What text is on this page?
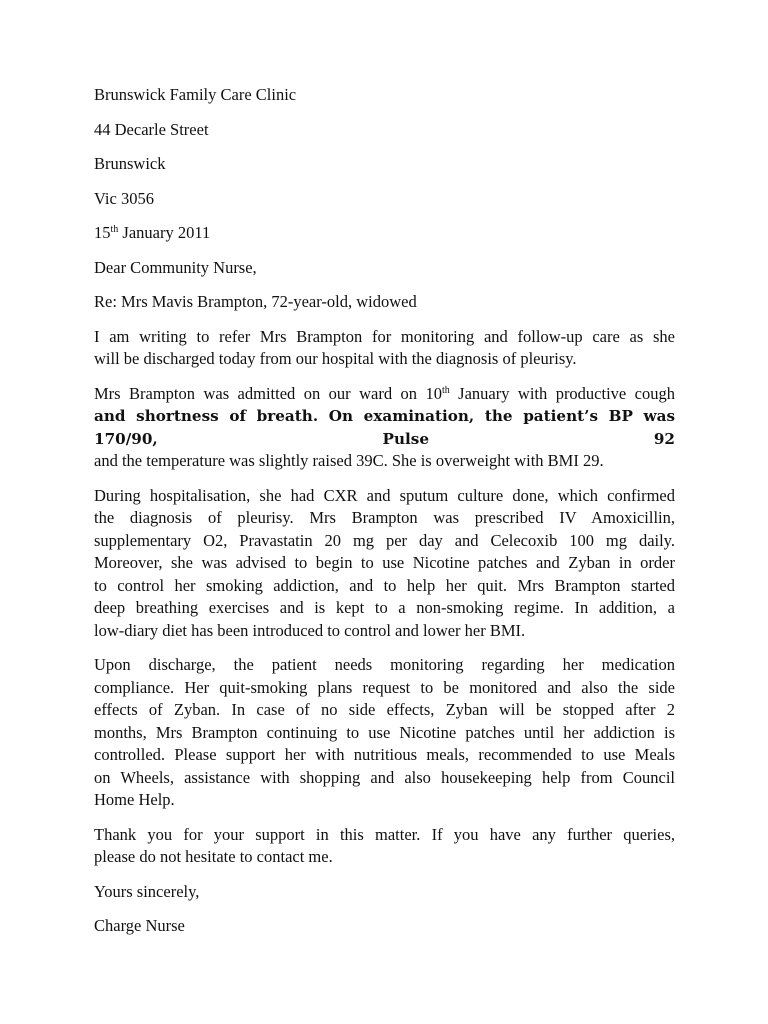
Brunswick Family Care Clinic
44 Decarle Street
Brunswick
Vic 3056
15th January 2011
Dear Community Nurse,
Re: Mrs Mavis Brampton, 72-year-old, widowed
I am writing to refer Mrs Brampton for monitoring and follow-up care as she
will be discharged today from our hospital with the diagnosis of pleurisy.
Mrs Brampton was admitted on our ward on 10th January with productive cough
and shortness of breath. On examination, the patient’s BP was 170/90, Pulse 92
and the temperature was slightly raised 39C. She is overweight with BMI 29.
During hospitalisation, she had CXR and sputum culture done, which confirmed
the diagnosis of pleurisy. Mrs Brampton was prescribed IV Amoxicillin,
supplementary O2, Pravastatin 20 mg per day and Celecoxib 100 mg daily.
Moreover, she was advised to begin to use Nicotine patches and Zyban in order
to control her smoking addiction, and to help her quit. Mrs Brampton started
deep breathing exercises and is kept to a non-smoking regime. In addition, a
low-diary diet has been introduced to control and lower her BMI.
Upon discharge, the patient needs monitoring regarding her medication
compliance. Her quit-smoking plans request to be monitored and also the side
effects of Zyban. In case of no side effects, Zyban will be stopped after 2
months, Mrs Brampton continuing to use Nicotine patches until her addiction is
controlled. Please support her with nutritious meals, recommended to use Meals
on Wheels, assistance with shopping and also housekeeping help from Council
Home Help.
Thank you for your support in this matter. If you have any further queries,
please do not hesitate to contact me.
Yours sincerely,
Charge Nurse
